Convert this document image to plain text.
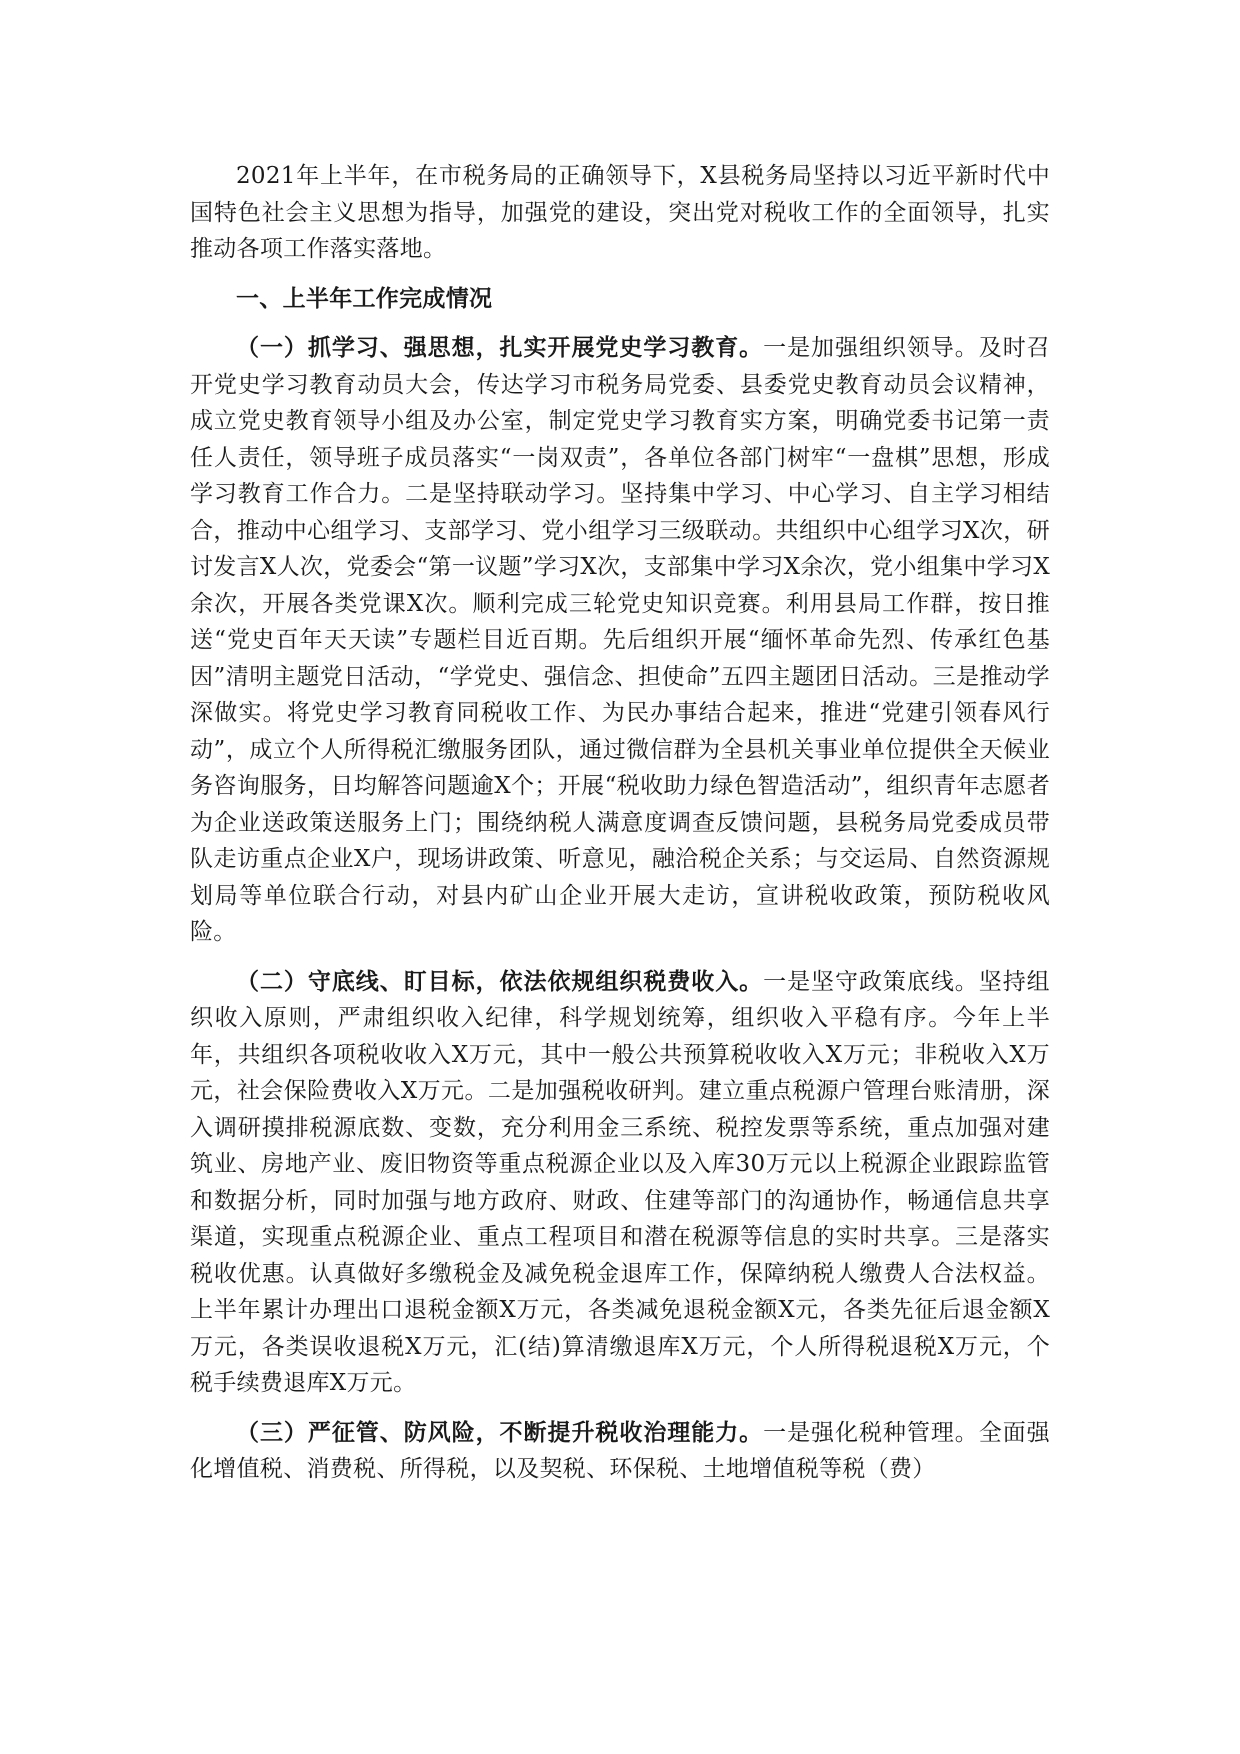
2021年上半年，在市税务局的正确领导下，X县税务局坚持以习近平新时代中国特色社会主义思想为指导，加强党的建设，突出党对税收工作的全面领导，扎实推动各项工作落实落地。

一、上半年工作完成情况

（一）抓学习、强思想，扎实开展党史学习教育。一是加强组织领导。及时召开党史学习教育动员大会，传达学习市税务局党委、县委党史教育动员会议精神，成立党史教育领导小组及办公室，制定党史学习教育实方案，明确党委书记第一责任人责任，领导班子成员落实“一岗双责”，各单位各部门树牢“一盘棋”思想，形成学习教育工作合力。二是坚持联动学习。坚持集中学习、中心学习、自主学习相结合，推动中心组学习、支部学习、党小组学习三级联动。共组织中心组学习X次，研讨发言X人次，党委会“第一议题”学习X次，支部集中学习X余次，党小组集中学习X余次，开展各类党课X次。顺利完成三轮党史知识竞赛。利用县局工作群，按日推送“党史百年天天读”专题栏目近百期。先后组织开展“缅怀革命先烈、传承红色基因”清明主题党日活动，“学党史、强信念、担使命”五四主题团日活动。三是推动学深做实。将党史学习教育同税收工作、为民办事结合起来，推进“党建引领春风行动”，成立个人所得税汇缴服务团队，通过微信群为全县机关事业单位提供全天候业务咨询服务，日均解答问题逾X个；开展“税收助力绿色智造活动”，组织青年志愿者为企业送政策送服务上门；围绕纳税人满意度调查反馈问题，县税务局党委成员带队走访重点企业X户，现场讲政策、听意见，融洽税企关系；与交运局、自然资源规划局等单位联合行动，对县内矿山企业开展大走访，宣讲税收政策，预防税收风险。

（二）守底线、盯目标，依法依规组织税费收入。一是坚守政策底线。坚持组织收入原则，严肃组织收入纪律，科学规划统筹，组织收入平稳有序。今年上半年，共组织各项税收收入X万元，其中一般公共预算税收收入X万元；非税收入X万元，社会保险费收入X万元。二是加强税收研判。建立重点税源户管理台账清册，深入调研摸排税源底数、变数，充分利用金三系统、税控发票等系统，重点加强对建筑业、房地产业、废旧物资等重点税源企业以及入库30万元以上税源企业跟踪监管和数据分析，同时加强与地方政府、财政、住建等部门的沟通协作，畅通信息共享渠道，实现重点税源企业、重点工程项目和潜在税源等信息的实时共享。三是落实税收优惠。认真做好多缴税金及减免税金退库工作，保障纳税人缴费人合法权益。上半年累计办理出口退税金额X万元，各类减免退税金额X元，各类先征后退金额X万元，各类误收退税X万元，汇(结)算清缴退库X万元，个人所得税退税X万元，个税手续费退库X万元。

（三）严征管、防风险，不断提升税收治理能力。一是强化税种管理。全面强化增值税、消费税、所得税，以及契税、环保税、土地增值税等税（费）
